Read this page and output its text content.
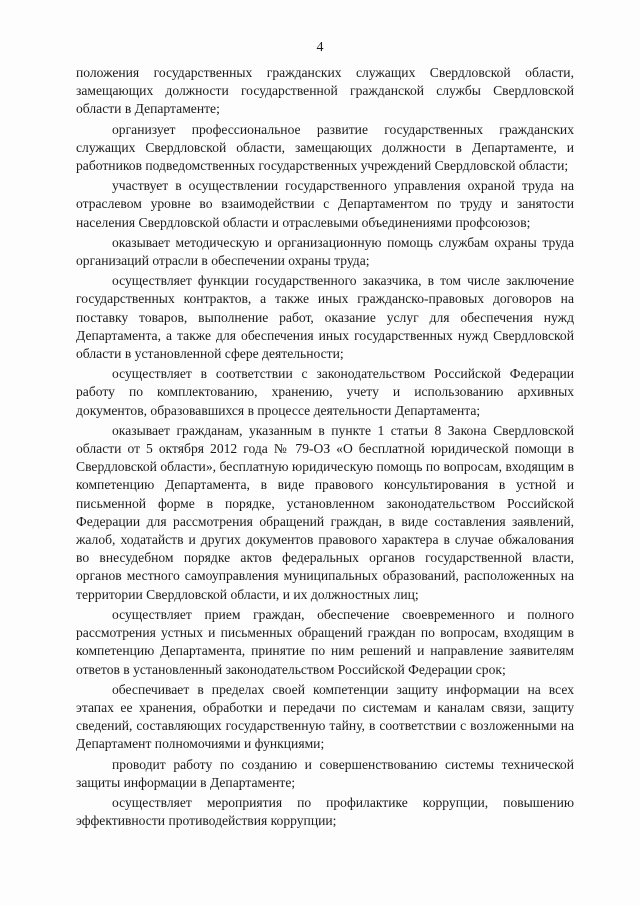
4

положения государственных гражданских служащих Свердловской области, замещающих должности государственной гражданской службы Свердловской области в Департаменте;

организует профессиональное развитие государственных гражданских служащих Свердловской области, замещающих должности в Департаменте, и работников подведомственных государственных учреждений Свердловской области;

участвует в осуществлении государственного управления охраной труда на отраслевом уровне во взаимодействии с Департаментом по труду и занятости населения Свердловской области и отраслевыми объединениями профсоюзов;

оказывает методическую и организационную помощь службам охраны труда организаций отрасли в обеспечении охраны труда;

осуществляет функции государственного заказчика, в том числе заключение государственных контрактов, а также иных гражданско-правовых договоров на поставку товаров, выполнение работ, оказание услуг для обеспечения нужд Департамента, а также для обеспечения иных государственных нужд Свердловской области в установленной сфере деятельности;

осуществляет в соответствии с законодательством Российской Федерации работу по комплектованию, хранению, учету и использованию архивных документов, образовавшихся в процессе деятельности Департамента;

оказывает гражданам, указанным в пункте 1 статьи 8 Закона Свердловской области от 5 октября 2012 года № 79-ОЗ «О бесплатной юридической помощи в Свердловской области», бесплатную юридическую помощь по вопросам, входящим в компетенцию Департамента, в виде правового консультирования в устной и письменной форме в порядке, установленном законодательством Российской Федерации для рассмотрения обращений граждан, в виде составления заявлений, жалоб, ходатайств и других документов правового характера в случае обжалования во внесудебном порядке актов федеральных органов государственной власти, органов местного самоуправления муниципальных образований, расположенных на территории Свердловской области, и их должностных лиц;

осуществляет прием граждан, обеспечение своевременного и полного рассмотрения устных и письменных обращений граждан по вопросам, входящим в компетенцию Департамента, принятие по ним решений и направление заявителям ответов в установленный законодательством Российской Федерации срок;

обеспечивает в пределах своей компетенции защиту информации на всех этапах ее хранения, обработки и передачи по системам и каналам связи, защиту сведений, составляющих государственную тайну, в соответствии с возложенными на Департамент полномочиями и функциями;

проводит работу по созданию и совершенствованию системы технической защиты информации в Департаменте;

осуществляет мероприятия по профилактике коррупции, повышению эффективности противодействия коррупции;
